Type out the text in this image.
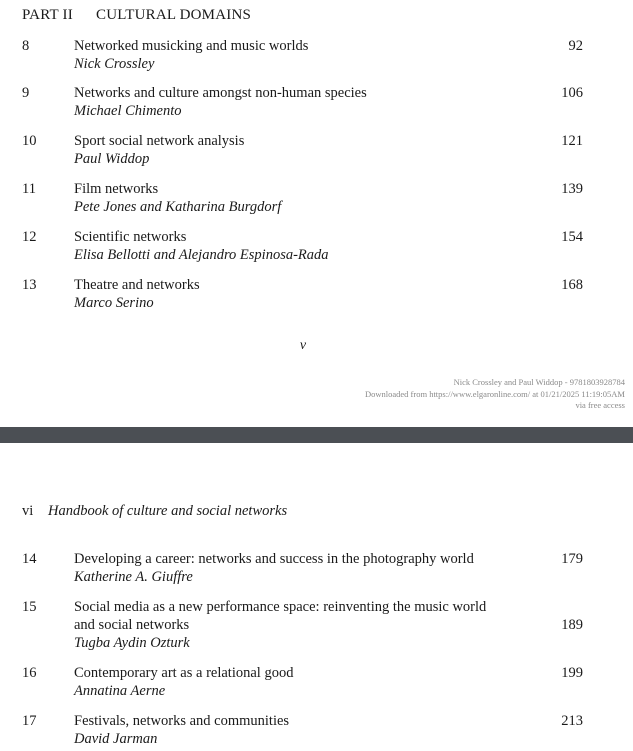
PART II CULTURAL DOMAINS
8	Networked musicking and music worlds
Nick Crossley
92
9	Networks and culture amongst non-human species
Michael Chimento
106
10	Sport social network analysis
Paul Widdop
121
11	Film networks
Pete Jones and Katharina Burgdorf
139
12	Scientific networks
Elisa Bellotti and Alejandro Espinosa-Rada
154
13	Theatre and networks
Marco Serino
168
v
Nick Crossley and Paul Widdop - 9781803928784
Downloaded from https://www.elgaronline.com/ at 01/21/2025 11:19:05AM
via free access
vi Handbook of culture and social networks
14	Developing a career: networks and success in the photography world
Katherine A. Giuffre
179
15	Social media as a new performance space: reinventing the music world
and social networks
Tugba Aydin Ozturk
189
16	Contemporary art as a relational good
Annatina Aerne
199
17	Festivals, networks and communities
David Jarman
213
